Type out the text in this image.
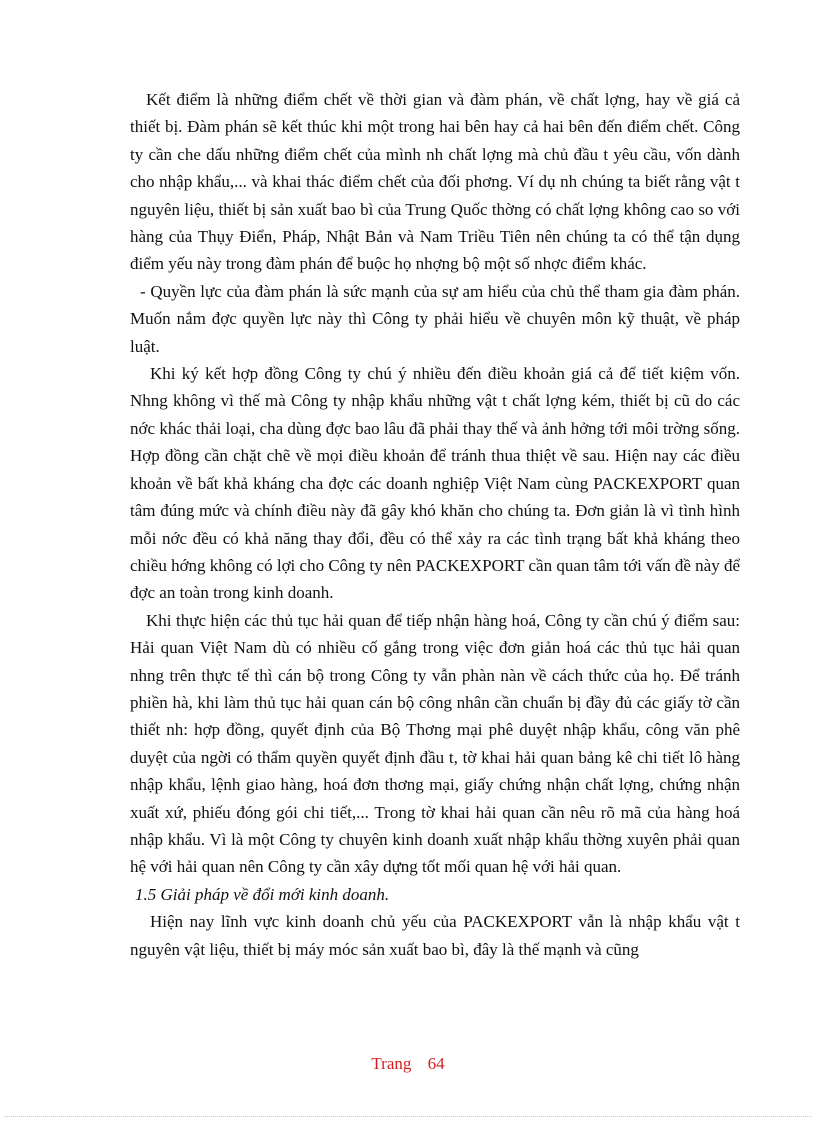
Kết điểm là những điểm chết về thời gian và đàm phán, về chất lợng, hay về giá cả thiết bị. Đàm phán sẽ kết thúc khi một trong hai bên hay cả hai bên đến điểm chết. Công ty cần che dấu những điểm chết của mình nh chất lợng mà chủ đầu t yêu cầu, vốn dành cho nhập khẩu,... và khai thác điểm chết của đối phơng. Ví dụ nh chúng ta biết rằng vật t nguyên liệu, thiết bị sản xuất bao bì của Trung Quốc thờng có chất lợng không cao so với hàng của Thụy Điển, Pháp, Nhật Bản và Nam Triều Tiên nên chúng ta có thể tận dụng điểm yếu này trong đàm phán để buộc họ nhợng bộ một số nhợc điểm khác.

- Quyền lực của đàm phán là sức mạnh của sự am hiểu của chủ thể tham gia đàm phán. Muốn nắm đợc quyền lực này thì Công ty phải hiểu về chuyên môn kỹ thuật, về pháp luật.

Khi ký kết hợp đồng Công ty chú ý nhiều đến điều khoản giá cả để tiết kiệm vốn. Nhng không vì thế mà Công ty nhập khẩu những vật t chất lợng kém, thiết bị cũ do các nớc khác thải loại, cha dùng đợc bao lâu đã phải thay thế và ảnh hởng tới môi trờng sống. Hợp đồng cần chặt chẽ về mọi điều khoản để tránh thua thiệt về sau. Hiện nay các điều khoản về bất khả kháng cha đợc các doanh nghiệp Việt Nam cùng PACKEXPORT quan tâm đúng mức và chính điều này đã gây khó khăn cho chúng ta. Đơn giản là vì tình hình mỗi nớc đều có khả năng thay đổi, đều có thể xảy ra các tình trạng bất khả kháng theo chiều hớng không có lợi cho Công ty nên PACKEXPORT cần quan tâm tới vấn đề này để đợc an toàn trong kinh doanh.

Khi thực hiện các thủ tục hải quan để tiếp nhận hàng hoá, Công ty cần chú ý điểm sau: Hải quan Việt Nam dù có nhiều cố gắng trong việc đơn giản hoá các thủ tục hải quan nhng trên thực tế thì cán bộ trong Công ty vẫn phàn nàn về cách thức của họ. Để tránh phiền hà, khi làm thủ tục hải quan cán bộ công nhân cần chuẩn bị đầy đủ các giấy tờ cần thiết nh: hợp đồng, quyết định của Bộ Thơng mại phê duyệt nhập khẩu, công văn phê duyệt của ngời có thẩm quyền quyết định đầu t, tờ khai hải quan bảng kê chi tiết lô hàng nhập khẩu, lệnh giao hàng, hoá đơn thơng mại, giấy chứng nhận chất lợng, chứng nhận xuất xứ, phiếu đóng gói chi tiết,... Trong tờ khai hải quan cần nêu rõ mã của hàng hoá nhập khẩu. Vì là một Công ty chuyên kinh doanh xuất nhập khẩu thờng xuyên phải quan hệ với hải quan nên Công ty cần xây dựng tốt mối quan hệ với hải quan.

1.5 Giải pháp về đổi mới kinh doanh.

Hiện nay lĩnh vực kinh doanh chủ yếu của PACKEXPORT vẫn là nhập khẩu vật t nguyên vật liệu, thiết bị máy móc sản xuất bao bì, đây là thế mạnh và cũng

Trang 64
